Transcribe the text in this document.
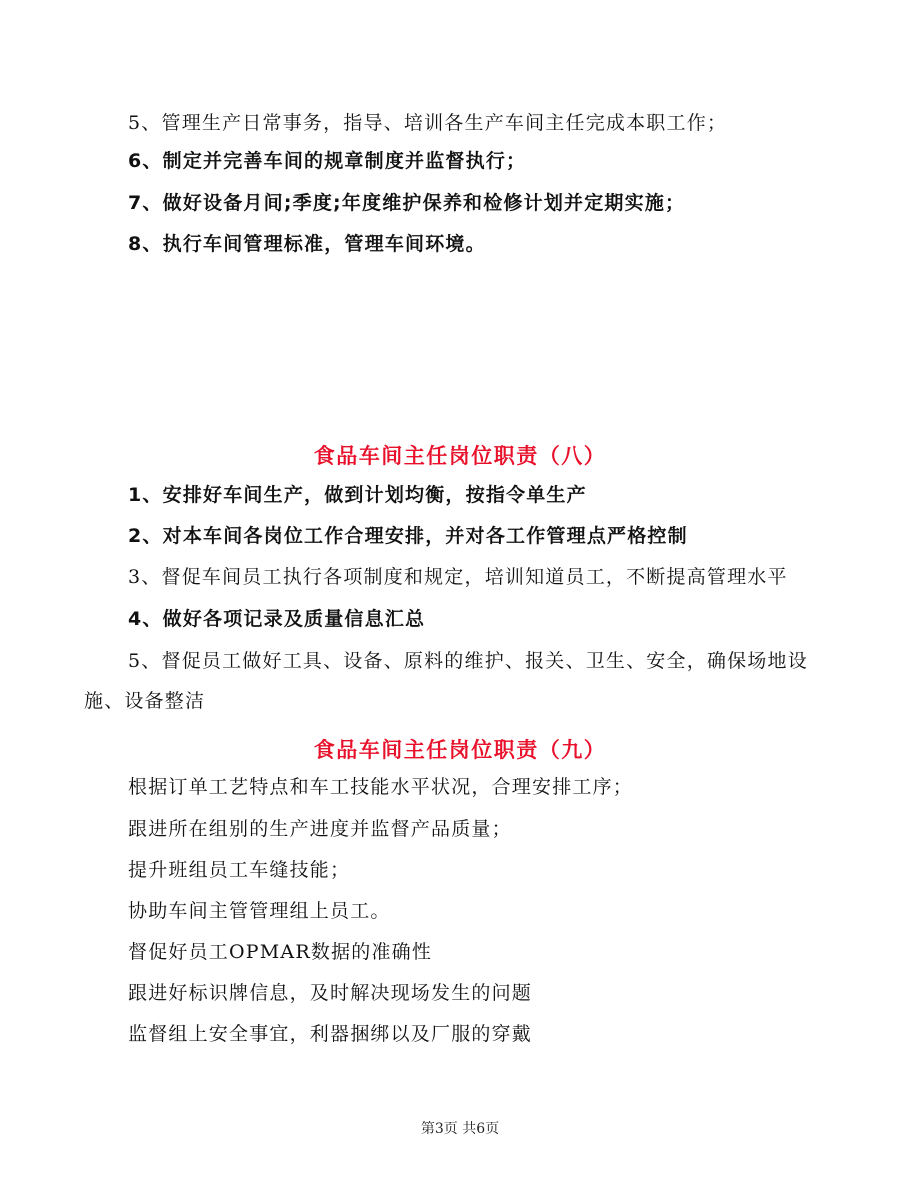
5、管理生产日常事务，指导、培训各生产车间主任完成本职工作；
6、制定并完善车间的规章制度并监督执行；
7、做好设备月间;季度;年度维护保养和检修计划并定期实施；
8、执行车间管理标准，管理车间环境。
食品车间主任岗位职责（八）
1、安排好车间生产，做到计划均衡，按指令单生产
2、对本车间各岗位工作合理安排，并对各工作管理点严格控制
3、督促车间员工执行各项制度和规定，培训知道员工，不断提高管理水平
4、做好各项记录及质量信息汇总
5、督促员工做好工具、设备、原料的维护、报关、卫生、安全，确保场地设
施、设备整洁
食品车间主任岗位职责（九）
根据订单工艺特点和车工技能水平状况，合理安排工序；
跟进所在组别的生产进度并监督产品质量；
提升班组员工车缝技能；
协助车间主管管理组上员工。
督促好员工OPMAR数据的准确性
跟进好标识牌信息，及时解决现场发生的问题
监督组上安全事宜，利器捆绑以及厂服的穿戴
第3页 共6页
